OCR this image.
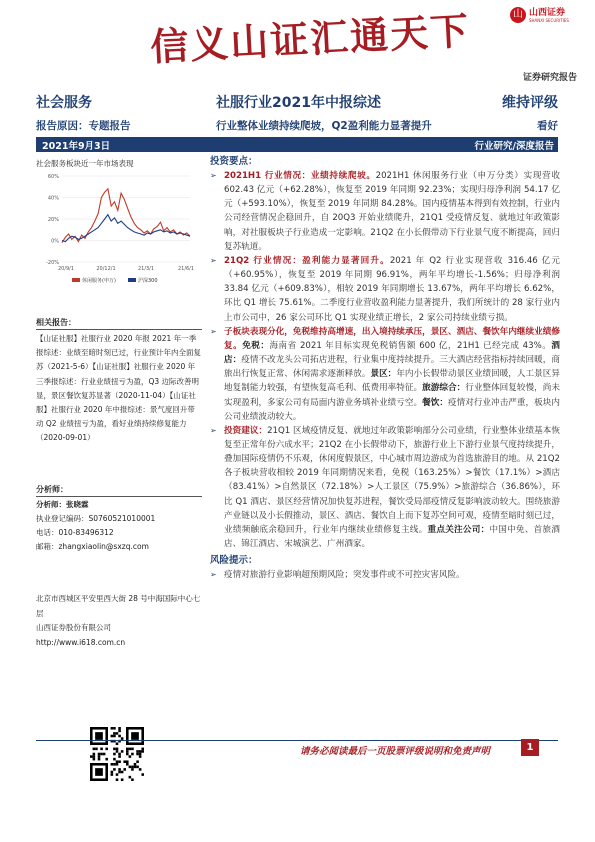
信义山证汇通天下	山 山西证券
SHANXI SECURITIES
证券研究报告
社会服务	社服行业2021年中报综述	维持评级
报告原因：专题报告	行业整体业绩持续爬坡，Q2盈利能力显著提升	看好
2021年9月3日	行业研究/深度报告
社会服务板块近一年市场表现
60%
40%
20%
0%
-20%
20/9/1	20/12/1	21/3/1	21/6/1
休闲服务(申万)	沪深300
相关报告：
【山证社服】社服行业 2020 年报 2021 年一季报综述：业绩至暗时刻已过，行业预计年内全面复苏（2021-5-6）【山证社服】社服行业 2020 年三季报综述：行业业绩扭亏为盈，Q3 边际改善明显，景区餐饮复苏显著（2020-11-04）【山证社服】社服行业 2020 年中报综述：景气度回升带动 Q2 业绩扭亏为盈，看好业绩持续修复能力（2020-09-01）
分析师：
分析师：张晓霖
执业登记编码：S0760521010001
电话：010-83496312
邮箱：zhangxiaolin@sxzq.com
北京市西城区平安里西大街 28 号中海国际中心七层
山西证券股份有限公司
http://www.i618.com.cn
投资要点：

➢ 2021H1 行业情况：业绩持续爬坡。2021H1 休闲服务行业（申万分类）实现营收 602.43 亿元（+62.28%），恢复至 2019 年同期 92.23%；实现归母净利润 54.17 亿元（+593.10%），恢复至 2019 年同期 84.28%。国内疫情基本得到有效控制，行业内公司经营情况企稳回升，自 20Q3 开始业绩爬升，21Q1 受疫情反复、就地过年政策影响，对社服板块子行业造成一定影响。21Q2 在小长假带动下行业景气度不断提高，回归复苏轨道。

➢ 21Q2 行业情况：盈利能力显著回升。2021 年 Q2 行业实现营收 316.46 亿元（+60.95%），恢复至 2019 年同期 96.91%，两年平均增长-1.56%；归母净利润 33.84 亿元（+609.83%），相较 2019 年同期增长 13.67%，两年平均增长 6.62%，环比 Q1 增长 75.61%。二季度行业营收盈利能力显著提升，我们所统计的 28 家行业内上市公司中，26 家公司环比 Q1 实现业绩正增长，2 家公司持续业绩亏损。

➢ 子板块表现分化，免税维持高增速，出入境持续承压，景区、酒店、餐饮年内继续业绩修复。免税：海南省 2021 年目标实现免税销售额 600 亿，21H1 已经完成 43%。酒店：疫情不改龙头公司拓店进程，行业集中度持续提升。三大酒店经营指标持续回暖，商旅出行恢复正常、休闲需求逐渐释放。景区：年内小长假带动景区业绩回暖，人工景区异地复制能力较强，有望恢复高毛利、低费用率特征。旅游综合：行业整体回复较慢，尚未实现盈利，多家公司有局面内游业务填补业绩亏空。餐饮：疫情对行业冲击严重，板块内公司业绩波动较大。

➢ 投资建议：21Q1 区域疫情反复、就地过年政策影响部分公司业绩，行业整体业绩基本恢复至正常年份六成水平；21Q2 在小长假带动下，旅游行业上下游行业景气度持续提升，叠加国际疫情仍不乐观，休闲度假景区，中心城市周边游成为首选旅游目的地。从 21Q2 各子板块营收相较 2019 年同期情况来看，免税（163.25%）>餐饮（17.1%）>酒店（83.41%）>自然景区（72.18%）>人工景区（75.9%）>旅游综合（36.86%），环比 Q1 酒店、景区经营情况加快复苏进程，餐饮受局部疫情反复影响波动较大。围绕旅游产业链以及小长假推动，景区、酒店、餐饮自上而下复苏空间可观，疫情至暗时刻已过，业绩频触底余稳回升，行业年内继续业绩修复主线。重点关注公司：中国中免、首旅酒店、锦江酒店、宋城演艺、广州酒家。

风险提示：

➢ 疫情对旅游行业影响超预期风险；突发事件或不可控灾害风险。

请务必阅读最后一页股票评级说明和免责声明	1
